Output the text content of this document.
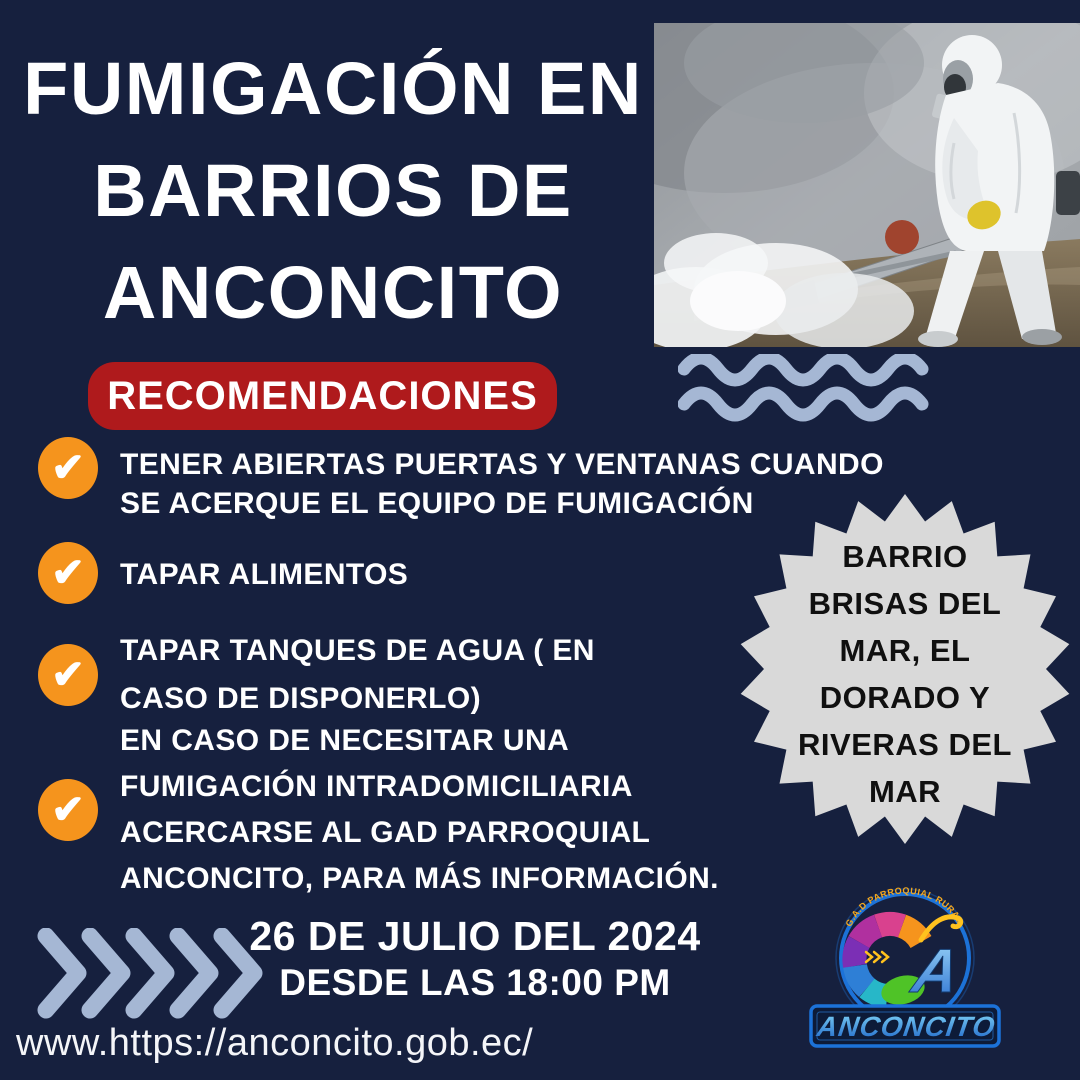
FUMIGACIÓN EN
BARRIOS DE
ANCONCITO
RECOMENDACIONES
✔ TENER ABIERTAS PUERTAS Y VENTANAS CUANDO
SE ACERQUE EL EQUIPO DE FUMIGACIÓN
✔ TAPAR ALIMENTOS
✔
TAPAR TANQUES DE AGUA ( EN
CASO DE DISPONERLO)
✔
EN CASO DE NECESITAR UNA
FUMIGACIÓN INTRADOMICILIARIA
ACERCARSE AL GAD PARROQUIAL
ANCONCITO, PARA MÁS INFORMACIÓN.
BARRIO
BRISAS DEL
MAR, EL
DORADO Y
RIVERAS DEL
MAR
26 DE JULIO DEL 2024
DESDE LAS 18:00 PM
www.https://anconcito.gob.ec/
G.A.D PARROQUIAL RURAL
A
ANCONCITO
